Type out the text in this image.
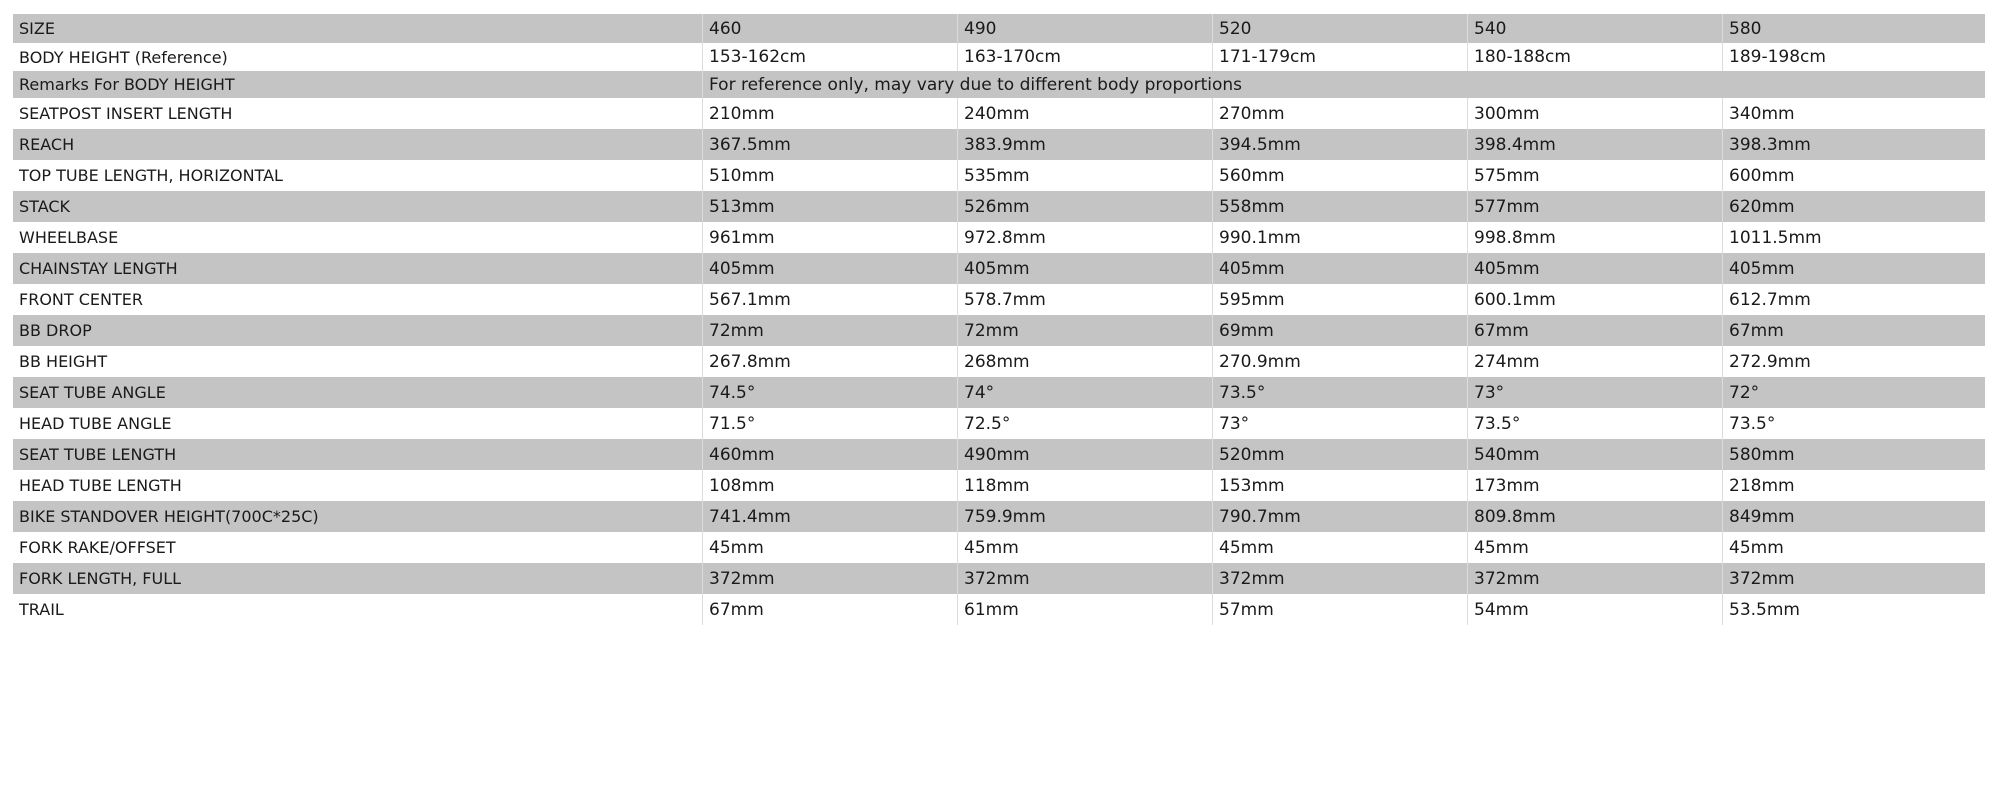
SIZE	460	490	520	540	580
BODY HEIGHT (Reference)	153-162cm	163-170cm	171-179cm	180-188cm	189-198cm
Remarks For BODY HEIGHT	For reference only, may vary due to different body proportions
SEATPOST INSERT LENGTH	210mm	240mm	270mm	300mm	340mm
REACH	367.5mm	383.9mm	394.5mm	398.4mm	398.3mm
TOP TUBE LENGTH, HORIZONTAL	510mm	535mm	560mm	575mm	600mm
STACK	513mm	526mm	558mm	577mm	620mm
WHEELBASE	961mm	972.8mm	990.1mm	998.8mm	1011.5mm
CHAINSTAY LENGTH	405mm	405mm	405mm	405mm	405mm
FRONT CENTER	567.1mm	578.7mm	595mm	600.1mm	612.7mm
BB DROP	72mm	72mm	69mm	67mm	67mm
BB HEIGHT	267.8mm	268mm	270.9mm	274mm	272.9mm
SEAT TUBE ANGLE	74.5°	74°	73.5°	73°	72°
HEAD TUBE ANGLE	71.5°	72.5°	73°	73.5°	73.5°
SEAT TUBE LENGTH	460mm	490mm	520mm	540mm	580mm
HEAD TUBE LENGTH	108mm	118mm	153mm	173mm	218mm
BIKE STANDOVER HEIGHT(700C*25C)	741.4mm	759.9mm	790.7mm	809.8mm	849mm
FORK RAKE/OFFSET	45mm	45mm	45mm	45mm	45mm
FORK LENGTH, FULL	372mm	372mm	372mm	372mm	372mm
TRAIL	67mm	61mm	57mm	54mm	53.5mm
